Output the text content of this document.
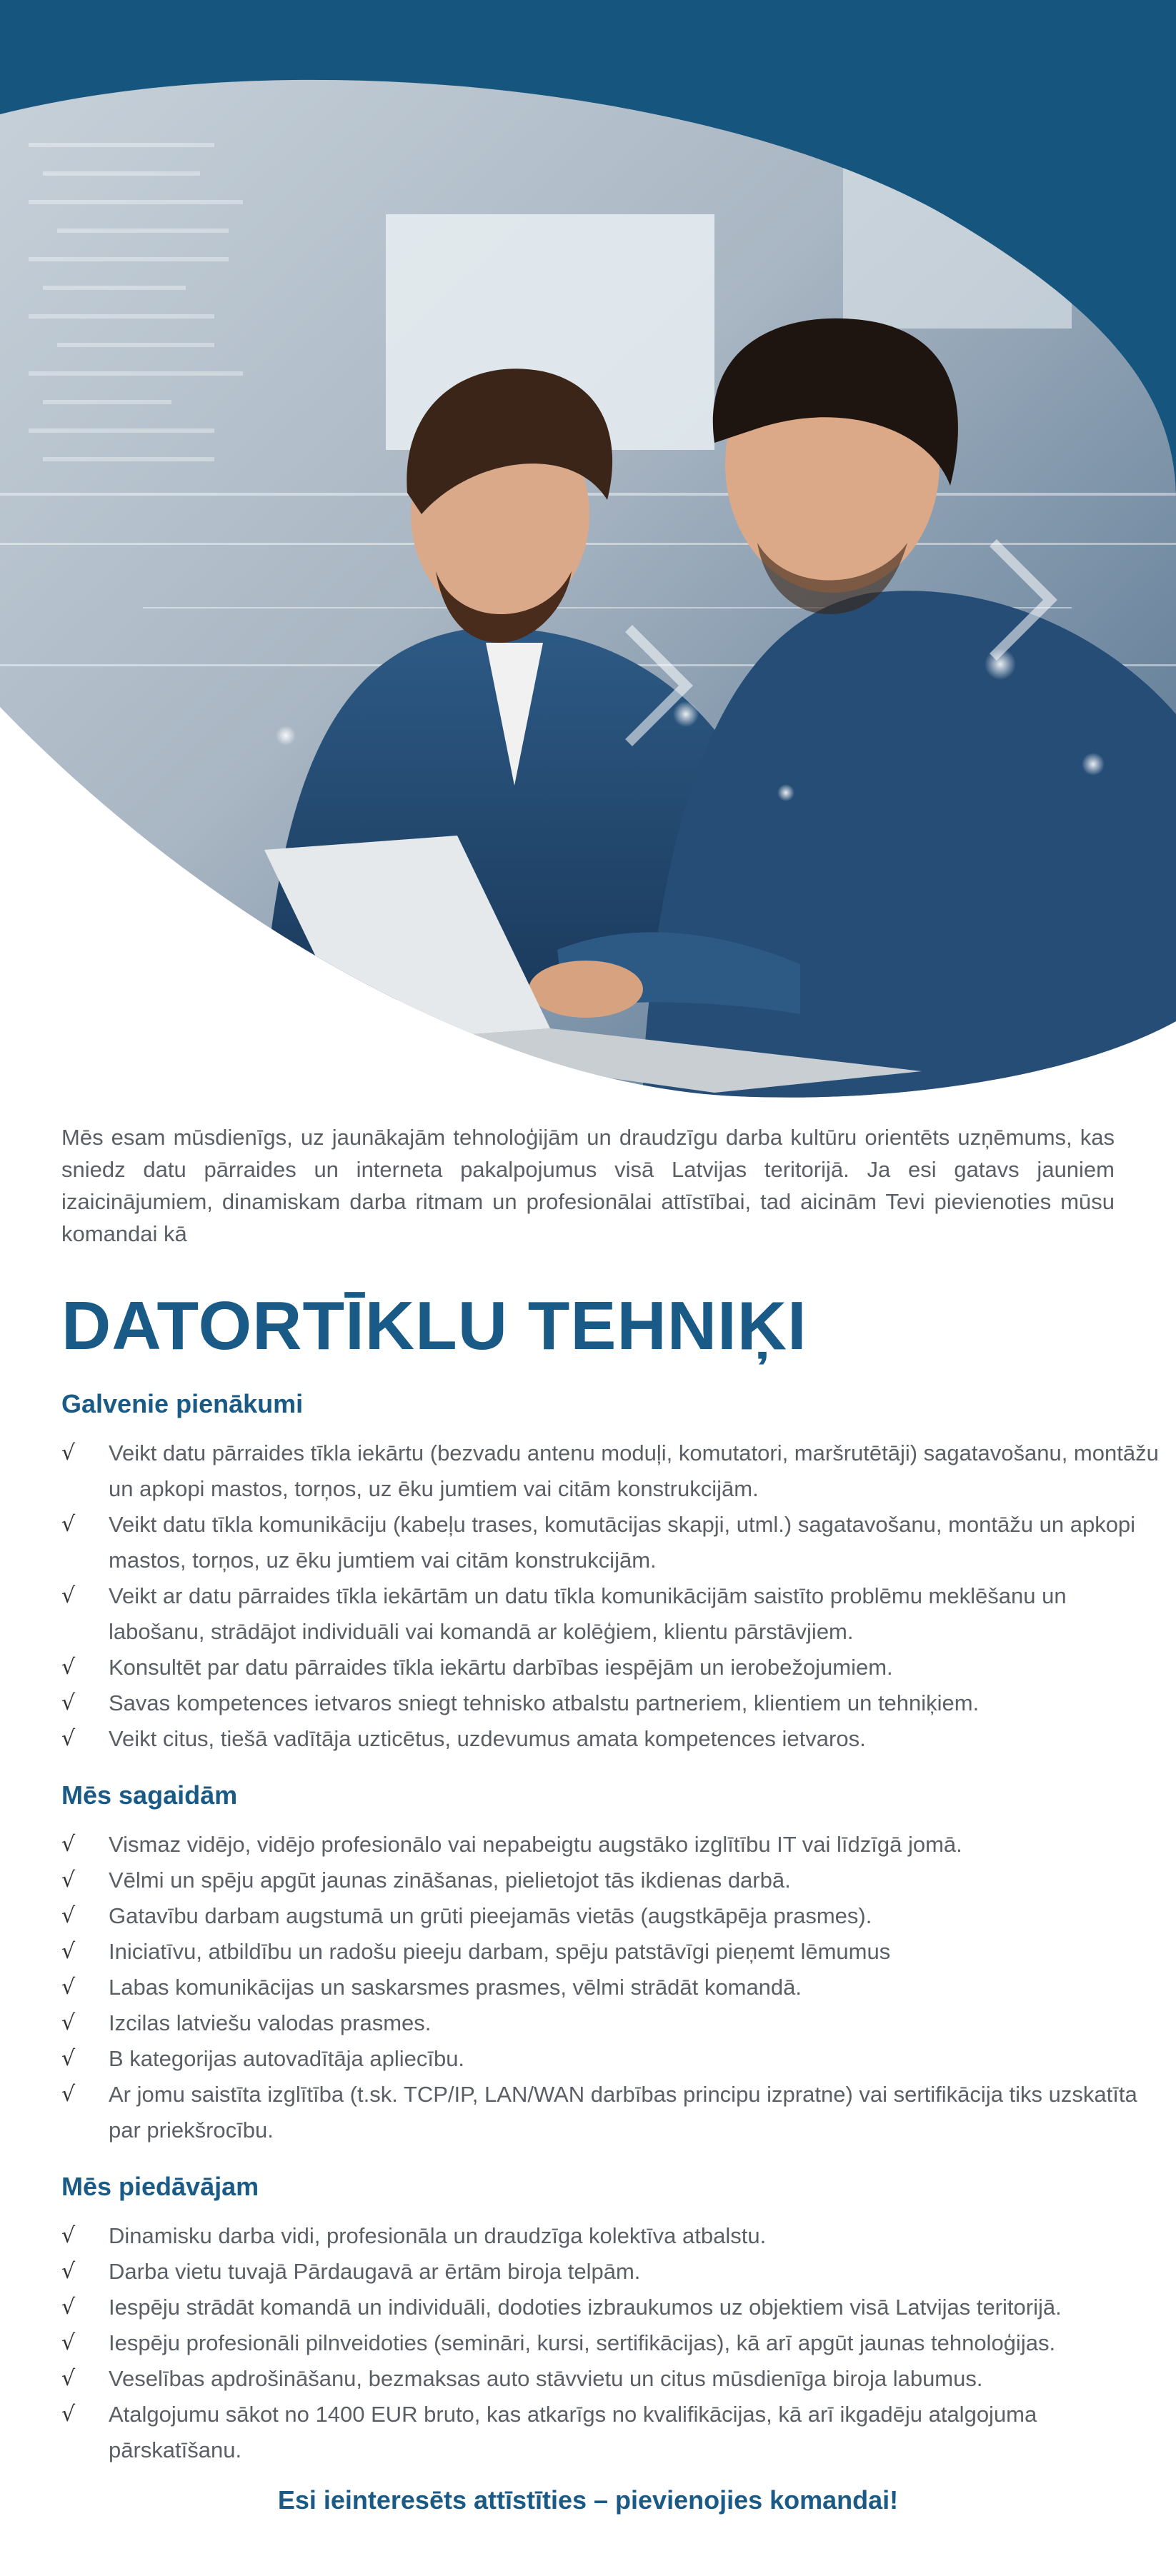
Mēs esam mūsdienīgs, uz jaunākajām tehnoloģijām un draudzīgu darba kultūru orientēts uzņēmums, kas sniedz datu pārraides un interneta pakalpojumus visā Latvijas teritorijā. Ja esi gatavs jauniem izaicinājumiem, dinamiskam darba ritmam un profesionālai attīstībai, tad aicinām Tevi pievienoties mūsu komandai kā

DATORTĪKLU TEHNIĶI
Galvenie pienākumi
√	Veikt datu pārraides tīkla iekārtu (bezvadu antenu moduļi, komutatori, maršrutētāji) sagatavošanu, montāžu un apkopi mastos, torņos, uz ēku jumtiem vai citām konstrukcijām.
√	Veikt datu tīkla komunikāciju (kabeļu trases, komutācijas skapji, utml.) sagatavošanu, montāžu un apkopi mastos, torņos, uz ēku jumtiem vai citām konstrukcijām.
√	Veikt ar datu pārraides tīkla iekārtām un datu tīkla komunikācijām saistīto problēmu meklēšanu un labošanu, strādājot individuāli vai komandā ar kolēģiem, klientu pārstāvjiem.
√	Konsultēt par datu pārraides tīkla iekārtu darbības iespējām un ierobežojumiem.
√	Savas kompetences ietvaros sniegt tehnisko atbalstu partneriem, klientiem un tehniķiem.
√	Veikt citus, tiešā vadītāja uzticētus, uzdevumus amata kompetences ietvaros.
Mēs sagaidām
√	Vismaz vidējo, vidējo profesionālo vai nepabeigtu augstāko izglītību IT vai līdzīgā jomā.
√	Vēlmi un spēju apgūt jaunas zināšanas, pielietojot tās ikdienas darbā.
√	Gatavību darbam augstumā un grūti pieejamās vietās (augstkāpēja prasmes).
√	Iniciatīvu, atbildību un radošu pieeju darbam, spēju patstāvīgi pieņemt lēmumus
√	Labas komunikācijas un saskarsmes prasmes, vēlmi strādāt komandā.
√	Izcilas latviešu valodas prasmes.
√	B kategorijas autovadītāja apliecību.
√	Ar jomu saistīta izglītība (t.sk. TCP/IP, LAN/WAN darbības principu izpratne) vai sertifikācija tiks uzskatīta par priekšrocību.
Mēs piedāvājam
√	Dinamisku darba vidi, profesionāla un draudzīga kolektīva atbalstu.
√	Darba vietu tuvajā Pārdaugavā ar ērtām biroja telpām.
√	Iespēju strādāt komandā un individuāli, dodoties izbraukumos uz objektiem visā Latvijas teritorijā.
√	Iespēju profesionāli pilnveidoties (semināri, kursi, sertifikācijas), kā arī apgūt jaunas tehnoloģijas.
√	Veselības apdrošināšanu, bezmaksas auto stāvvietu un citus mūsdienīga biroja labumus.
√	Atalgojumu sākot no 1400 EUR bruto, kas atkarīgs no kvalifikācijas, kā arī ikgadēju atalgojuma pārskatīšanu.
Esi ieinteresēts attīstīties – pievienojies komandai!
